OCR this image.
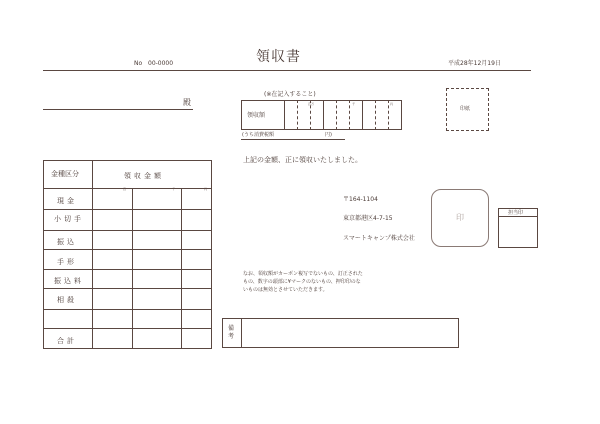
No 00-0000	領収書	平成28年12月19日
殿
(※在記入すること)
領収額
百万	千	円
(うち消費税額	円)
印紙
百	千	円
金種区分	領収金額
現金
小切手
振込
手形
振込料
相殺
合計
上記の金額、正に領収いたしました。
〒164-1104
東京都港区4-7-15
スマートキャンプ株式会社
印	担当印
なお、領収額がカーボン複写でないもの、訂正された
もの、数字の頭部に¥マークのないもの、押印印のな
いものは無効とさせていただきます。
備考
